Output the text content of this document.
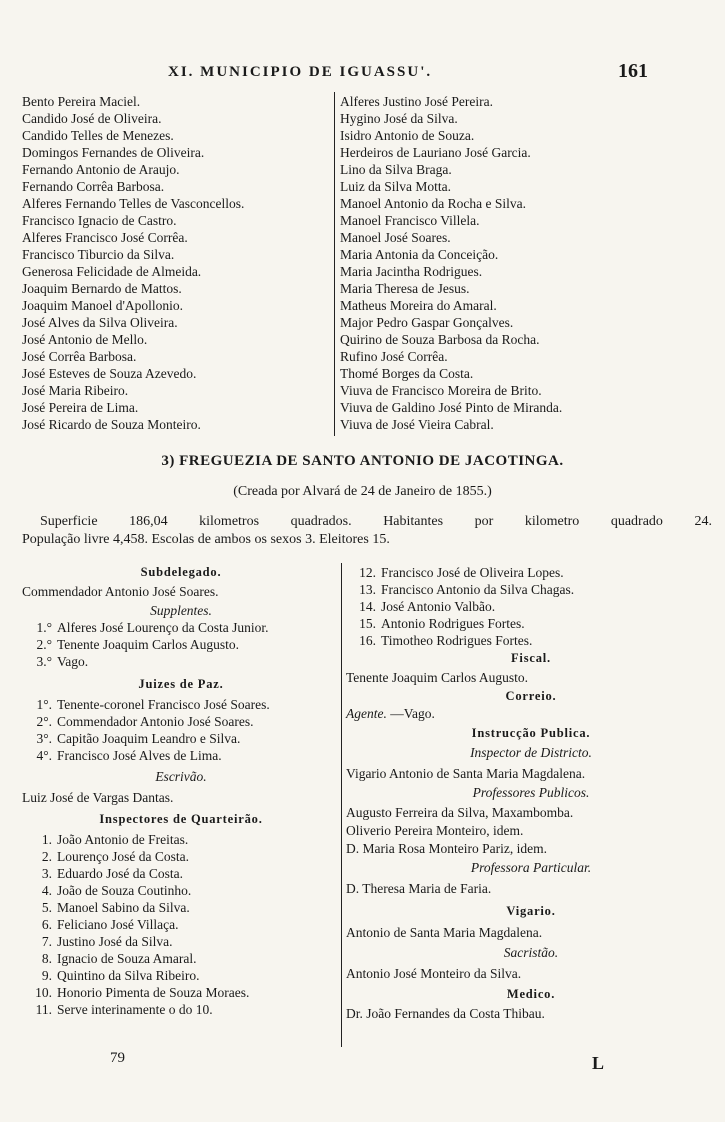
XI. MUNICIPIO DE IGUASSU'.	161
Bento Pereira Maciel.
Candido José de Oliveira.
Candido Telles de Menezes.
Domingos Fernandes de Oliveira.
Fernando Antonio de Araujo.
Fernando Corrêa Barbosa.
Alferes Fernando Telles de Vasconcellos.
Francisco Ignacio de Castro.
Alferes Francisco José Corrêa.
Francisco Tiburcio da Silva.
Generosa Felicidade de Almeida.
Joaquim Bernardo de Mattos.
Joaquim Manoel d'Apollonio.
José Alves da Silva Oliveira.
José Antonio de Mello.
José Corrêa Barbosa.
José Esteves de Souza Azevedo.
José Maria Ribeiro.
José Pereira de Lima.
José Ricardo de Souza Monteiro.
Alferes Justino José Pereira.
Hygino José da Silva.
Isidro Antonio de Souza.
Herdeiros de Lauriano José Garcia.
Lino da Silva Braga.
Luiz da Silva Motta.
Manoel Antonio da Rocha e Silva.
Manoel Francisco Villela.
Manoel José Soares.
Maria Antonia da Conceição.
Maria Jacintha Rodrigues.
Maria Theresa de Jesus.
Matheus Moreira do Amaral.
Major Pedro Gaspar Gonçalves.
Quirino de Souza Barbosa da Rocha.
Rufino José Corrêa.
Thomé Borges da Costa.
Viuva de Francisco Moreira de Brito.
Viuva de Galdino José Pinto de Miranda.
Viuva de José Vieira Cabral.
3) FREGUEZIA DE SANTO ANTONIO DE JACOTINGA.
(Creada por Alvará de 24 de Janeiro de 1855.)
Superficie 186,04 kilometros quadrados. Habitantes por kilometro quadrado 24.
População livre 4,458. Escolas de ambos os sexos 3. Eleitores 15.
Subdelegado.
Commendador Antonio José Soares.
Supplentes.
1.° Alferes José Lourenço da Costa Junior.
2.° Tenente Joaquim Carlos Augusto.
3.° Vago.
Juizes de Paz.
1°. Tenente-coronel Francisco José Soares.
2°. Commendador Antonio José Soares.
3°. Capitão Joaquim Leandro e Silva.
4°. Francisco José Alves de Lima.
Escrivão.
Luiz José de Vargas Dantas.
Inspectores de Quarteirão.
1. João Antonio de Freitas.
2. Lourenço José da Costa.
3. Eduardo José da Costa.
4. João de Souza Coutinho.
5. Manoel Sabino da Silva.
6. Feliciano José Villaça.
7. Justino José da Silva.
8. Ignacio de Souza Amaral.
9. Quintino da Silva Ribeiro.
10. Honorio Pimenta de Souza Moraes.
11. Serve interinamente o do 10.
12. Francisco José de Oliveira Lopes.
13. Francisco Antonio da Silva Chagas.
14. José Antonio Valbão.
15. Antonio Rodrigues Fortes.
16. Timotheo Rodrigues Fortes.
Fiscal.
Tenente Joaquim Carlos Augusto.
Correio.
Agente. —Vago.
Instrucção Publica.
Inspector de Districto.
Vigario Antonio de Santa Maria Magdalena.
Professores Publicos.
Augusto Ferreira da Silva, Maxambomba.
Oliverio Pereira Monteiro, idem.
D. Maria Rosa Monteiro Pariz, idem.
Professora Particular.
D. Theresa Maria de Faria.
Vigario.
Antonio de Santa Maria Magdalena.
Sacristão.
Antonio José Monteiro da Silva.
Medico.
Dr. João Fernandes da Costa Thibau.
79	L
